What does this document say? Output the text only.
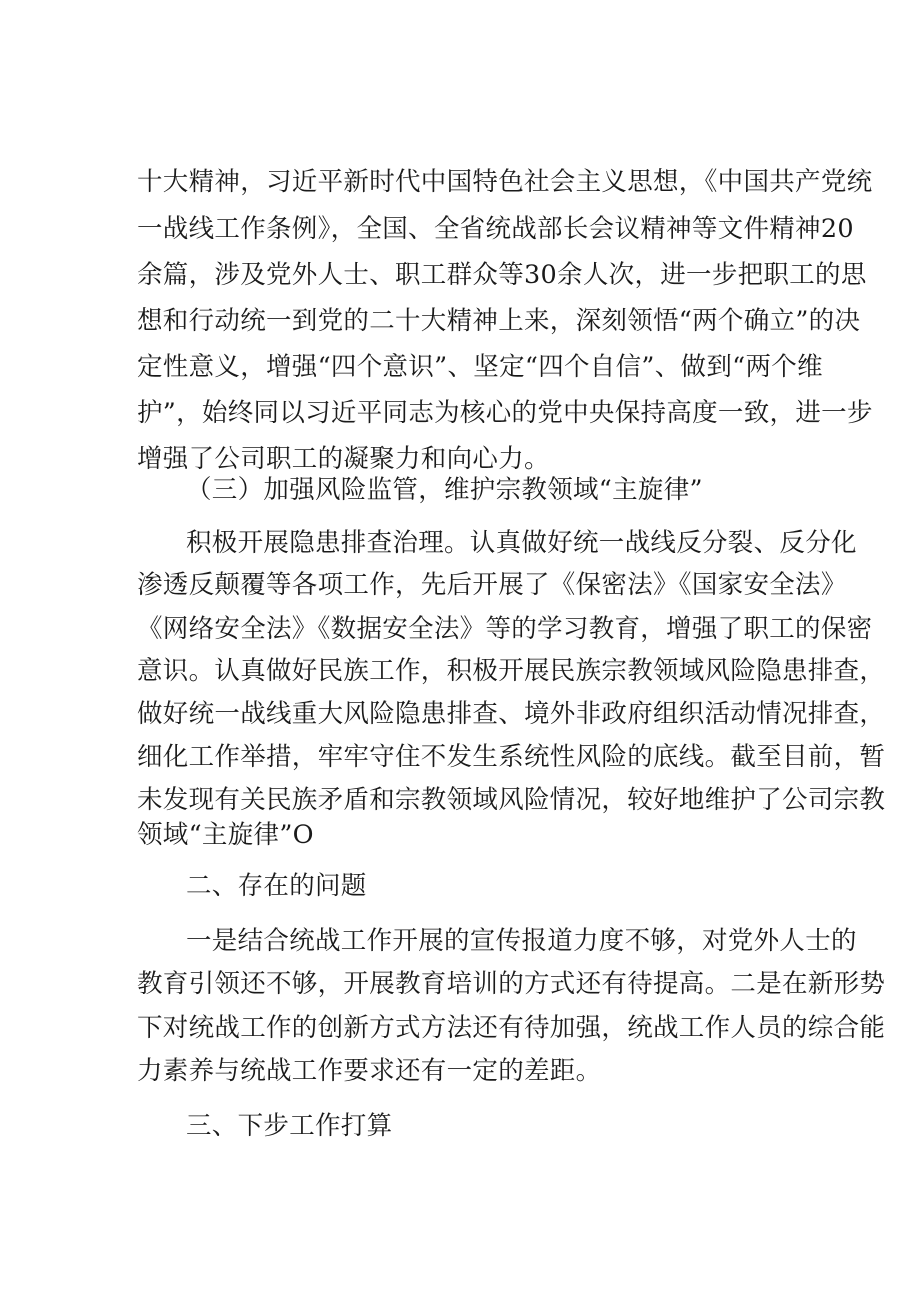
十大精神，习近平新时代中国特色社会主义思想，《中国共产党统
一战线工作条例》，全国、全省统战部长会议精神等文件精神20
余篇，涉及党外人士、职工群众等30余人次，进一步把职工的思
想和行动统一到党的二十大精神上来，深刻领悟“两个确立”的决
定性意义，增强“四个意识”、坚定“四个自信”、做到“两个维
护”，始终同以习近平同志为核心的党中央保持高度一致，进一步
增强了公司职工的凝聚力和向心力。
（三）加强风险监管，维护宗教领域“主旋律”
积极开展隐患排查治理。认真做好统一战线反分裂、反分化
渗透反颠覆等各项工作，先后开展了《保密法》《国家安全法》
《网络安全法》《数据安全法》等的学习教育，增强了职工的保密
意识。认真做好民族工作，积极开展民族宗教领域风险隐患排查，
做好统一战线重大风险隐患排查、境外非政府组织活动情况排查，
细化工作举措，牢牢守住不发生系统性风险的底线。截至目前，暂
未发现有关民族矛盾和宗教领域风险情况，较好地维护了公司宗教
领域“主旋律”O
二、存在的问题
一是结合统战工作开展的宣传报道力度不够，对党外人士的
教育引领还不够，开展教育培训的方式还有待提高。二是在新形势
下对统战工作的创新方式方法还有待加强，统战工作人员的综合能
力素养与统战工作要求还有一定的差距。
三、下步工作打算
